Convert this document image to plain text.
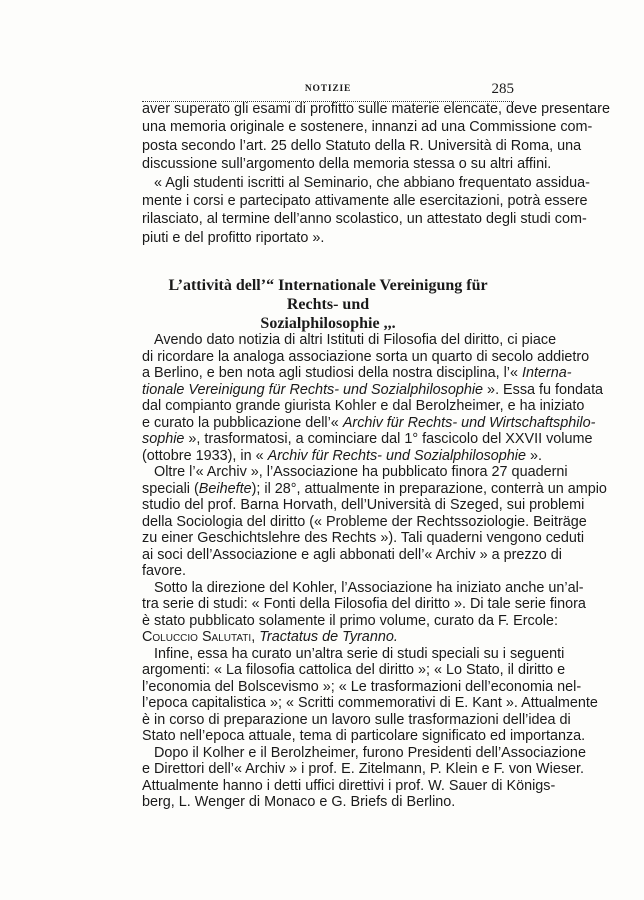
NOTIZIE	285
aver superato gli esami di profitto sulle materie elencate, deve presentare
una memoria originale e sostenere, innanzi ad una Commissione com-
posta secondo l’art. 25 dello Statuto della R. Università di Roma, una
discussione sull’argomento della memoria stessa o su altri affini.
« Agli studenti iscritti al Seminario, che abbiano frequentato assidua-
mente i corsi e partecipato attivamente alle esercitazioni, potrà essere
rilasciato, al termine dell’anno scolastico, un attestato degli studi com-
piuti e del profitto riportato ».
L’attività dell’“ Internationale Vereinigung für Rechts- und
Sozialphilosophie ,,.
Avendo dato notizia di altri Istituti di Filosofia del diritto, ci piace
di ricordare la analoga associazione sorta un quarto di secolo addietro
a Berlino, e ben nota agli studiosi della nostra disciplina, l’« Interna-
tionale Vereinigung für Rechts- und Sozialphilosophie ». Essa fu fondata
dal compianto grande giurista Kohler e dal Berolzheimer, e ha iniziato
e curato la pubblicazione dell’« Archiv für Rechts- und Wirtschaftsphilo-
sophie », trasformatosi, a cominciare dal 1° fascicolo del XXVII volume
(ottobre 1933), in « Archiv für Rechts- und Sozialphilosophie ».
Oltre l’« Archiv », l’Associazione ha pubblicato finora 27 quaderni
speciali (Beihefte); il 28°, attualmente in preparazione, conterrà un ampio
studio del prof. Barna Horvath, dell’Università di Szeged, sui problemi
della Sociologia del diritto (« Probleme der Rechtssoziologie. Beiträge
zu einer Geschichtslehre des Rechts »). Tali quaderni vengono ceduti
ai soci dell’Associazione e agli abbonati dell’« Archiv » a prezzo di
favore.
Sotto la direzione del Kohler, l’Associazione ha iniziato anche un’al-
tra serie di studi: « Fonti della Filosofia del diritto ». Di tale serie finora
è stato pubblicato solamente il primo volume, curato da F. Ercole:
Coluccio Salutati, Tractatus de Tyranno.
Infine, essa ha curato un’altra serie di studi speciali su i seguenti
argomenti: « La filosofia cattolica del diritto »; « Lo Stato, il diritto e
l’economia del Bolscevismo »; « Le trasformazioni dell’economia nel-
l’epoca capitalistica »; « Scritti commemorativi di E. Kant ». Attualmente
è in corso di preparazione un lavoro sulle trasformazioni dell’idea di
Stato nell’epoca attuale, tema di particolare significato ed importanza.
Dopo il Kolher e il Berolzheimer, furono Presidenti dell’Associazione
e Direttori dell’« Archiv » i prof. E. Zitelmann, P. Klein e F. von Wieser.
Attualmente hanno i detti uffici direttivi i prof. W. Sauer di Königs-
berg, L. Wenger di Monaco e G. Briefs di Berlino.
